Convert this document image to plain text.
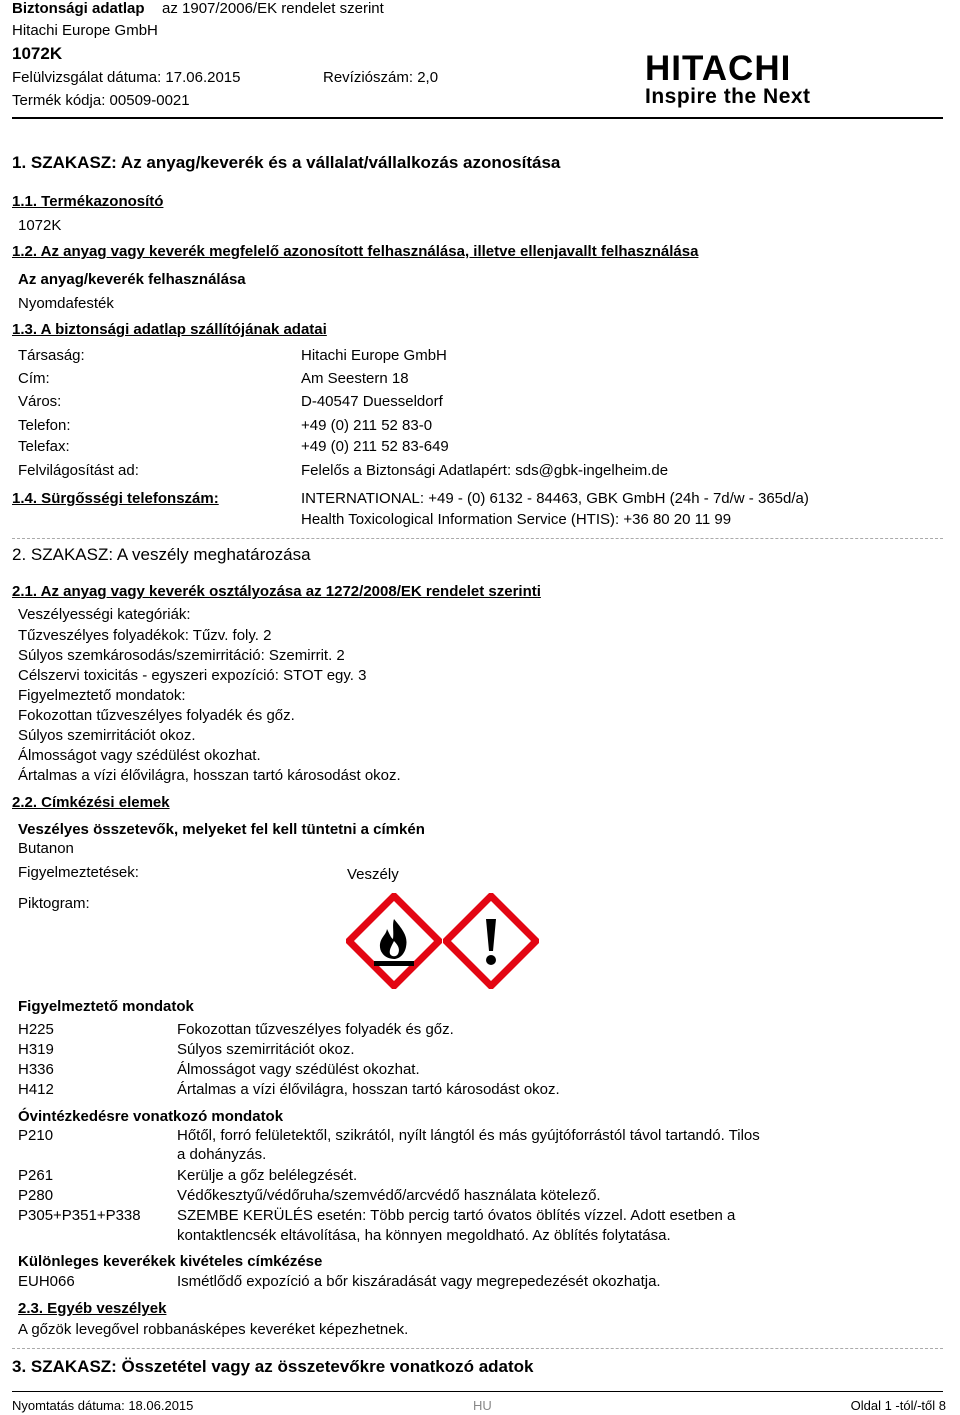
Biztonsági adatlap az 1907/2006/EK rendelet szerint
Hitachi Europe GmbH
1072K
Felülvizsgálat dátuma: 17.06.2015	Revíziószám: 2,0
Termék kódja: 00509-0021
HITACHI
Inspire the Next
1. SZAKASZ: Az anyag/keverék és a vállalat/vállalkozás azonosítása
1.1. Termékazonosító
1072K
1.2. Az anyag vagy keverék megfelelő azonosított felhasználása, illetve ellenjavallt felhasználása
Az anyag/keverék felhasználása
Nyomdafesték
1.3. A biztonsági adatlap szállítójának adatai
Társaság:	Hitachi Europe GmbH
Cím:	Am Seestern 18
Város:	D-40547 Duesseldorf
Telefon:	+49 (0) 211 52 83-0
Telefax:	+49 (0) 211 52 83-649
Felvilágosítást ad:	Felelős a Biztonsági Adatlapért: sds@gbk-ingelheim.de
1.4. Sürgősségi telefonszám:	INTERNATIONAL: +49 - (0) 6132 - 84463, GBK GmbH (24h - 7d/w - 365d/a)
Health Toxicological Information Service (HTIS): +36 80 20 11 99
2. SZAKASZ: A veszély meghatározása
2.1. Az anyag vagy keverék osztályozása az 1272/2008/EK rendelet szerinti
Veszélyességi kategóriák:
Tűzveszélyes folyadékok: Tűzv. foly. 2
Súlyos szemkárosodás/szemirritáció: Szemirrit. 2
Célszervi toxicitás - egyszeri expozíció: STOT egy. 3
Figyelmeztető mondatok:
Fokozottan tűzveszélyes folyadék és gőz.
Súlyos szemirritációt okoz.
Álmosságot vagy szédülést okozhat.
Ártalmas a vízi élővilágra, hosszan tartó károsodást okoz.
2.2. Címkézési elemek
Veszélyes összetevők, melyeket fel kell tüntetni a címkén
Butanon
Figyelmeztetések:	Veszély
Piktogram:
Figyelmeztető mondatok
H225	Fokozottan tűzveszélyes folyadék és gőz.
H319	Súlyos szemirritációt okoz.
H336	Álmosságot vagy szédülést okozhat.
H412	Ártalmas a vízi élővilágra, hosszan tartó károsodást okoz.
Óvintézkedésre vonatkozó mondatok
P210	Hőtől, forró felületektől, szikrától, nyílt lángtól és más gyújtóforrástól távol tartandó. Tilos
a dohányzás.
P261	Kerülje a gőz belélegzését.
P280	Védőkesztyű/védőruha/szemvédő/arcvédő használata kötelező.
P305+P351+P338 SZEMBE KERÜLÉS esetén: Több percig tartó óvatos öblítés vízzel. Adott esetben a
kontaktlencsék eltávolítása, ha könnyen megoldható. Az öblítés folytatása.
Különleges keverékek kivételes címkézése
EUH066	Ismétlődő expozíció a bőr kiszáradását vagy megrepedezését okozhatja.
2.3. Egyéb veszélyek
A gőzök levegővel robbanásképes keveréket képezhetnek.
3. SZAKASZ: Összetétel vagy az összetevőkre vonatkozó adatok
Nyomtatás dátuma: 18.06.2015	HU	Oldal 1 -tól/-től 8
